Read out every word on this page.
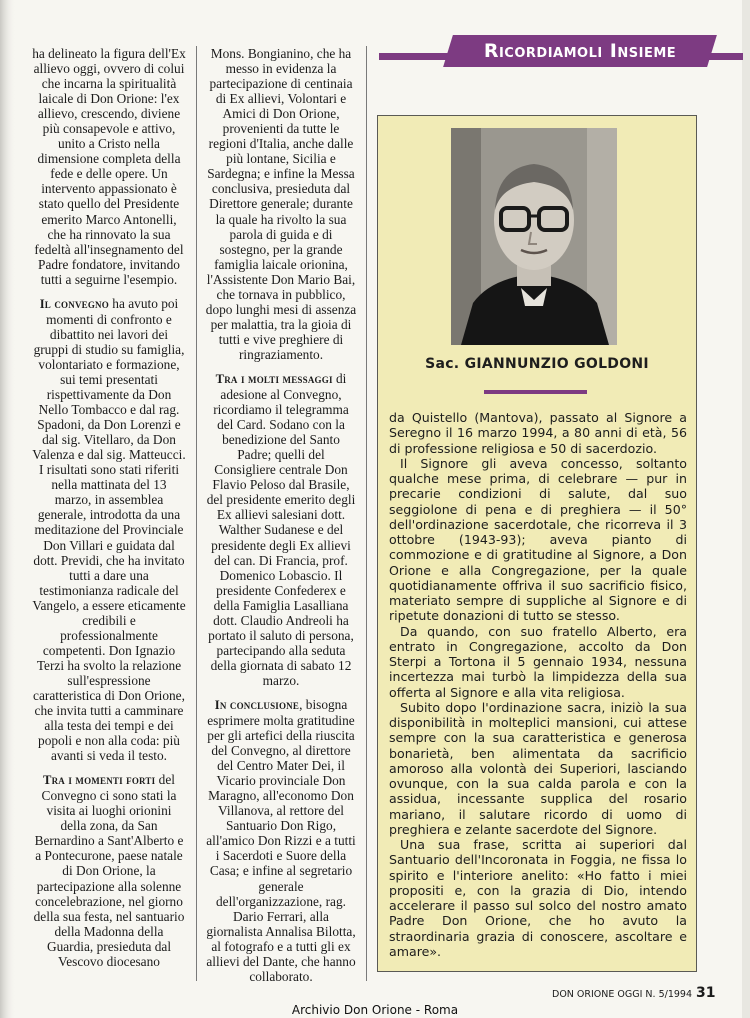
ha delineato la figura dell'Ex allievo oggi, ovvero di colui che incarna la spiritualità laicale di Don Orione: l'ex allievo, crescendo, diviene più consapevole e attivo, unito a Cristo nella dimensione completa della fede e delle opere. Un intervento appassionato è stato quello del Presidente emerito Marco Antonelli, che ha rinnovato la sua fedeltà all'insegnamento del Padre fondatore, invitando tutti a seguirne l'esempio.

Il convegno ha avuto poi momenti di confronto e dibattito nei lavori dei gruppi di studio su famiglia, volontariato e formazione, sui temi presentati rispettivamente da Don Nello Tombacco e dal rag. Spadoni, da Don Lorenzi e dal sig. Vitellaro, da Don Valenza e dal sig. Matteucci. I risultati sono stati riferiti nella mattinata del 13 marzo, in assemblea generale, introdotta da una meditazione del Provinciale Don Villari e guidata dal dott. Previdi, che ha invitato tutti a dare una testimonianza radicale del Vangelo, a essere eticamente credibili e professionalmente competenti. Don Ignazio Terzi ha svolto la relazione sull'espressione caratteristica di Don Orione, che invita tutti a camminare alla testa dei tempi e dei popoli e non alla coda: più avanti si veda il testo.

Tra i momenti forti del Convegno ci sono stati la visita ai luoghi orionini della zona, da San Bernardino a Sant'Alberto e a Pontecurone, paese natale di Don Orione, la partecipazione alla solenne concelebrazione, nel giorno della sua festa, nel santuario della Madonna della Guardia, presieduta dal Vescovo diocesano

Mons. Bongianino, che ha messo in evidenza la partecipazione di centinaia di Ex allievi, Volontari e Amici di Don Orione, provenienti da tutte le regioni d'Italia, anche dalle più lontane, Sicilia e Sardegna; e infine la Messa conclusiva, presieduta dal Direttore generale; durante la quale ha rivolto la sua parola di guida e di sostegno, per la grande famiglia laicale orionina, l'Assistente Don Mario Bai, che tornava in pubblico, dopo lunghi mesi di assenza per malattia, tra la gioia di tutti e vive preghiere di ringraziamento.

Tra i molti messaggi di adesione al Convegno, ricordiamo il telegramma del Card. Sodano con la benedizione del Santo Padre; quelli del Consigliere centrale Don Flavio Peloso dal Brasile, del presidente emerito degli Ex allievi salesiani dott. Walther Sudanese e del presidente degli Ex allievi del can. Di Francia, prof. Domenico Lobascio. Il presidente Confederex e della Famiglia Lasalliana dott. Claudio Andreoli ha portato il saluto di persona, partecipando alla seduta della giornata di sabato 12 marzo.

In conclusione, bisogna esprimere molta gratitudine per gli artefici della riuscita del Convegno, al direttore del Centro Mater Dei, il Vicario provinciale Don Maragno, all'economo Don Villanova, al rettore del Santuario Don Rigo, all'amico Don Rizzi e a tutti i Sacerdoti e Suore della Casa; e infine al segretario generale dell'organizzazione, rag. Dario Ferrari, alla giornalista Annalisa Bilotta, al fotografo e a tutti gli ex allievi del Dante, che hanno collaborato.

Ricordiamoli Insieme
Sac. GIANNUNZIO GOLDONI

da Quistello (Mantova), passato al Signore a Seregno il 16 marzo 1994, a 80 anni di età, 56 di professione religiosa e 50 di sacerdozio.

Il Signore gli aveva concesso, soltanto qualche mese prima, di celebrare — pur in precarie condizioni di salute, dal suo seggiolone di pena e di preghiera — il 50° dell'ordinazione sacerdotale, che ricorreva il 3 ottobre (1943-93); aveva pianto di commozione e di gratitudine al Signore, a Don Orione e alla Congregazione, per la quale quotidianamente offriva il suo sacrificio fisico, materiato sempre di suppliche al Signore e di ripetute donazioni di tutto se stesso.

Da quando, con suo fratello Alberto, era entrato in Congregazione, accolto da Don Sterpi a Tortona il 5 gennaio 1934, nessuna incertezza mai turbò la limpidezza della sua offerta al Signore e alla vita religiosa.

Subito dopo l'ordinazione sacra, iniziò la sua disponibilità in molteplici mansioni, cui attese sempre con la sua caratteristica e generosa bonarietà, ben alimentata da sacrificio amoroso alla volontà dei Superiori, lasciando ovunque, con la sua calda parola e con la assidua, incessante supplica del rosario mariano, il salutare ricordo di uomo di preghiera e zelante sacerdote del Signore.

Una sua frase, scritta ai superiori dal Santuario dell'Incoronata in Foggia, ne fissa lo spirito e l'interiore anelito: «Ho fatto i miei propositi e, con la grazia di Dio, intendo accelerare il passo sul solco del nostro amato Padre Don Orione, che ho avuto la straordinaria grazia di conoscere, ascoltare e amare».

DON ORIONE OGGI N. 5/1994 31
Archivio Don Orione - Roma
